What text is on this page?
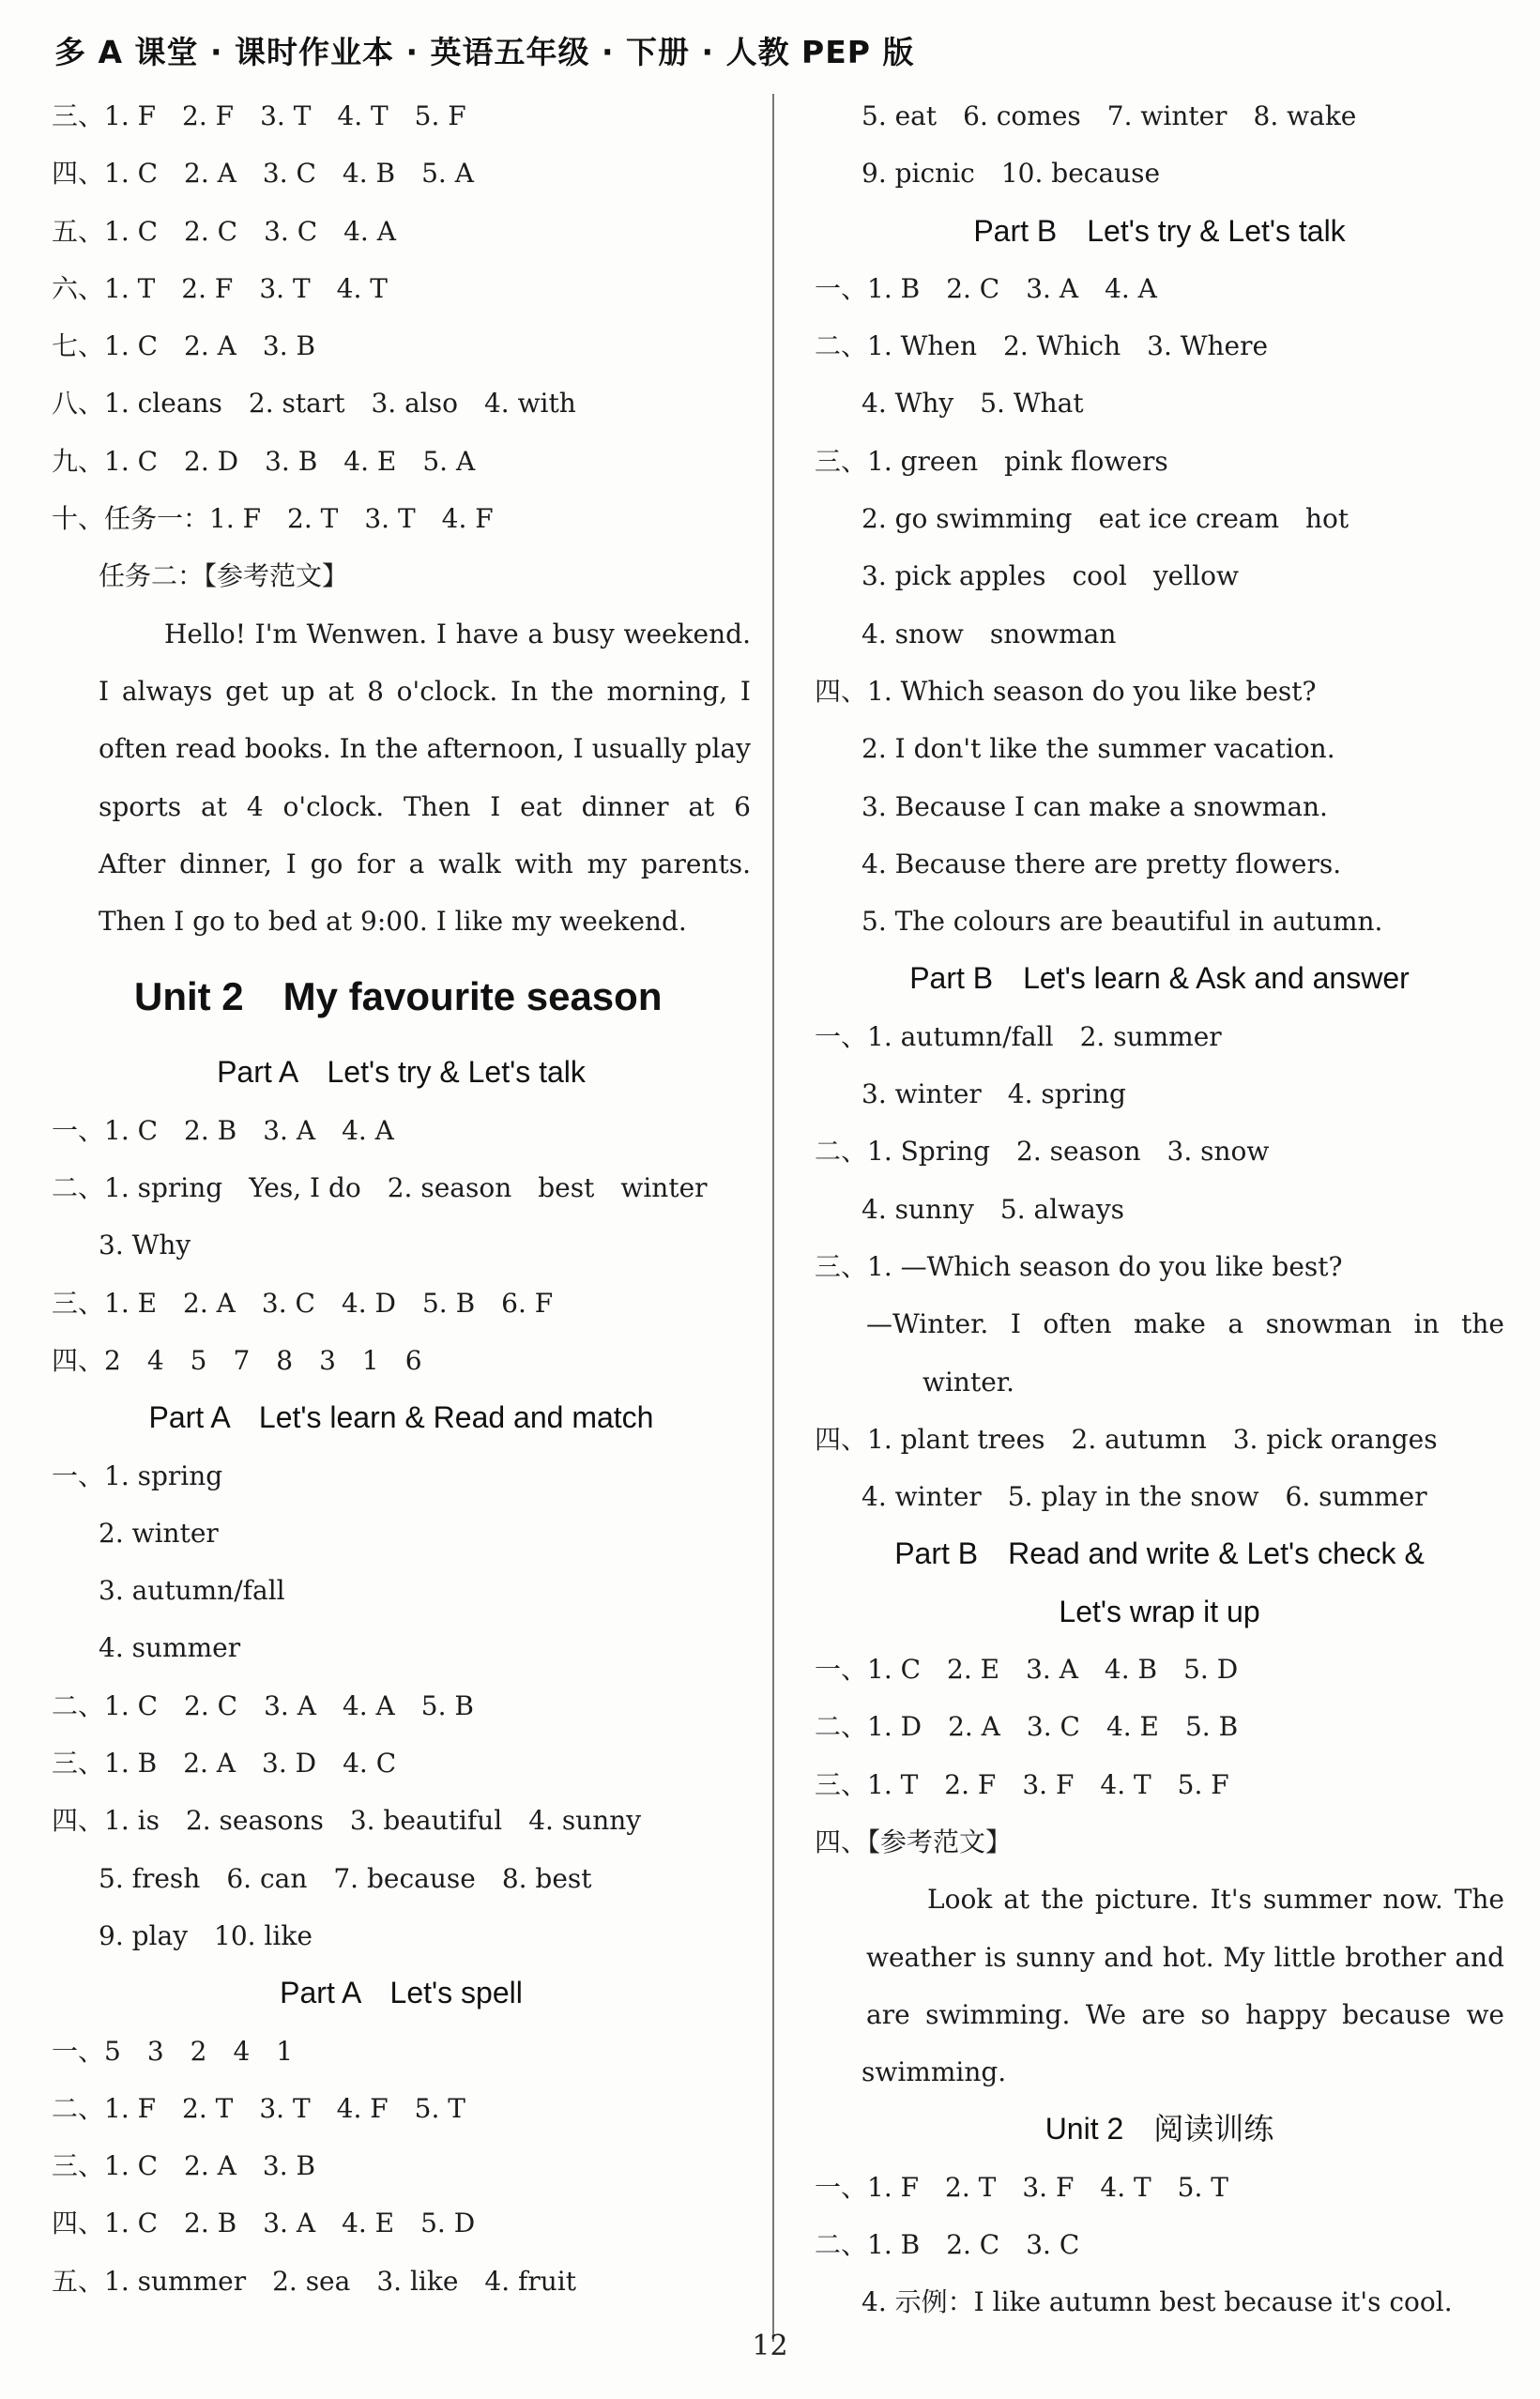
多 A 课堂 · 课时作业本 · 英语五年级 · 下册 · 人教 PEP 版
三、1. F　2. F　3. T　4. T　5. F
四、1. C　2. A　3. C　4. B　5. A
五、1. C　2. C　3. C　4. A
六、1. T　2. F　3. T　4. T
七、1. C　2. A　3. B
八、1. cleans　2. start　3. also　4. with
九、1. C　2. D　3. B　4. E　5. A
十、任务一：1. F　2. T　3. T　4. F
任务二：【参考范文】
Hello! I'm Wenwen. I have a busy weekend.
I always get up at 8 o'clock. In the morning, I
often read books. In the afternoon, I usually play
sports at 4 o'clock. Then I eat dinner at 6
After dinner, I go for a walk with my parents.
Then I go to bed at 9:00. I like my weekend.
Unit 2　My favourite season
Part A　Let's try & Let's talk
一、1. C　2. B　3. A　4. A
二、1. spring　Yes, I do　2. season　best　winter
3. Why
三、1. E　2. A　3. C　4. D　5. B　6. F
四、2　4　5　7　8　3　1　6
Part A　Let's learn & Read and match
一、1. spring
2. winter
3. autumn/fall
4. summer
二、1. C　2. C　3. A　4. A　5. B
三、1. B　2. A　3. D　4. C
四、1. is　2. seasons　3. beautiful　4. sunny
5. fresh　6. can　7. because　8. best
9. play　10. like
Part A　Let's spell
一、5　3　2　4　1
二、1. F　2. T　3. T　4. F　5. T
三、1. C　2. A　3. B
四、1. C　2. B　3. A　4. E　5. D
五、1. summer　2. sea　3. like　4. fruit
5. eat　6. comes　7. winter　8. wake
9. picnic　10. because
Part B　Let's try & Let's talk
一、1. B　2. C　3. A　4. A
二、1. When　2. Which　3. Where
4. Why　5. What
三、1. green　pink flowers
2. go swimming　eat ice cream　hot
3. pick apples　cool　yellow
4. snow　snowman
四、1. Which season do you like best?
2. I don't like the summer vacation.
3. Because I can make a snowman.
4. Because there are pretty flowers.
5. The colours are beautiful in autumn.
Part B　Let's learn & Ask and answer
一、1. autumn/fall　2. summer
3. winter　4. spring
二、1. Spring　2. season　3. snow
4. sunny　5. always
三、1. —Which season do you like best?
—Winter. I often make a snowman in the
winter.
四、1. plant trees　2. autumn　3. pick oranges
4. winter　5. play in the snow　6. summer
Part B　Read and write & Let's check &
Let's wrap it up
一、1. C　2. E　3. A　4. B　5. D
二、1. D　2. A　3. C　4. E　5. B
三、1. T　2. F　3. F　4. T　5. F
四、【参考范文】
Look at the picture. It's summer now. The
weather is sunny and hot. My little brother and
are swimming. We are so happy because we
swimming.
Unit 2　阅读训练
一、1. F　2. T　3. F　4. T　5. T
二、1. B　2. C　3. C
4. 示例：I like autumn best because it's cool.
12
